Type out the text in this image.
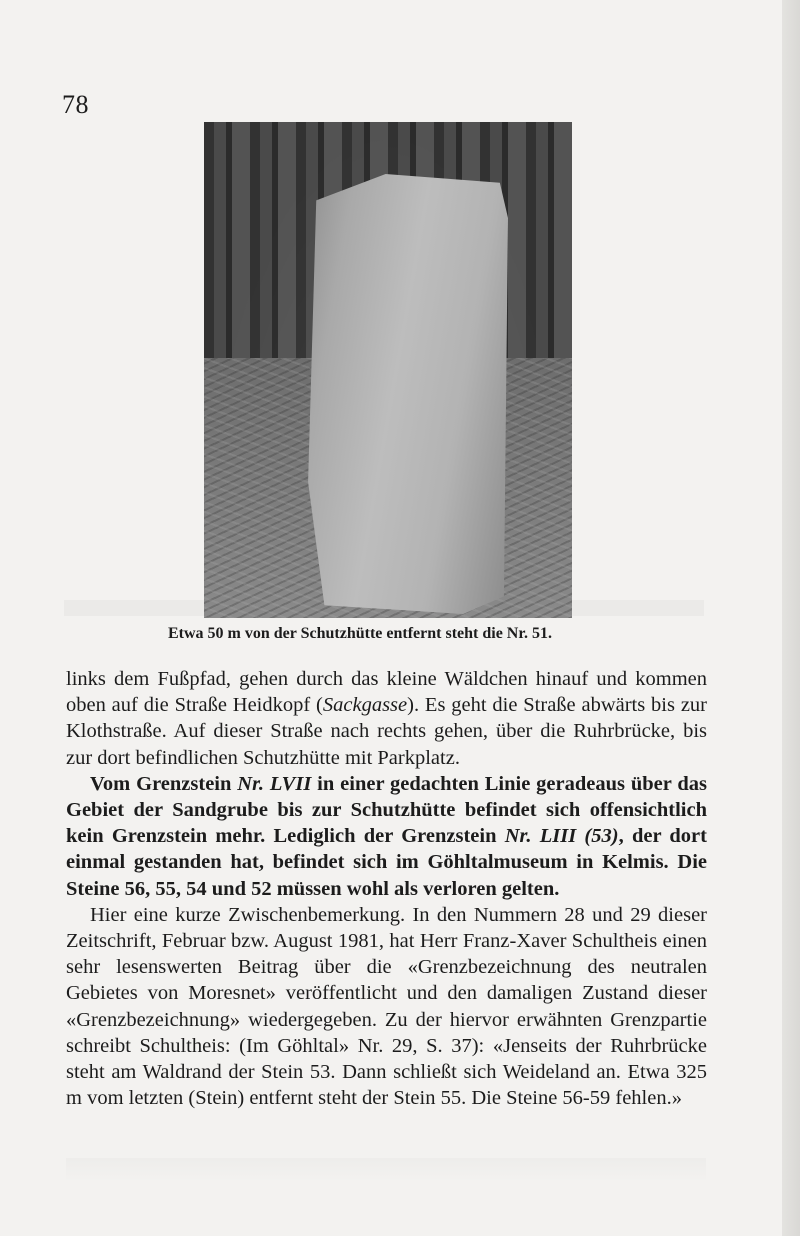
78
Etwa 50 m von der Schutzhütte entfernt steht die Nr. 51.

links dem Fußpfad, gehen durch das kleine Wäldchen hinauf und kommen oben auf die Straße Heidkopf (Sackgasse). Es geht die Straße abwärts bis zur Klothstraße. Auf dieser Straße nach rechts gehen, über die Ruhrbrücke, bis zur dort befindlichen Schutzhütte mit Parkplatz.

Vom Grenzstein Nr. LVII in einer gedachten Linie geradeaus über das Gebiet der Sandgrube bis zur Schutzhütte befindet sich offensichtlich kein Grenzstein mehr. Lediglich der Grenzstein Nr. LIII (53), der dort einmal gestanden hat, befindet sich im Göhltalmuseum in Kelmis. Die Steine 56, 55, 54 und 52 müssen wohl als verloren gelten.

Hier eine kurze Zwischenbemerkung. In den Nummern 28 und 29 dieser Zeitschrift, Februar bzw. August 1981, hat Herr Franz-Xaver Schultheis einen sehr lesenswerten Beitrag über die «Grenzbezeichnung des neutralen Gebietes von Moresnet» veröffentlicht und den damaligen Zustand dieser «Grenzbezeichnung» wiedergegeben. Zu der hiervor erwähnten Grenzpartie schreibt Schultheis: (Im Göhltal» Nr. 29, S. 37): «Jenseits der Ruhrbrücke steht am Waldrand der Stein 53. Dann schließt sich Weideland an. Etwa 325 m vom letzten (Stein) entfernt steht der Stein 55. Die Steine 56-59 fehlen.»
